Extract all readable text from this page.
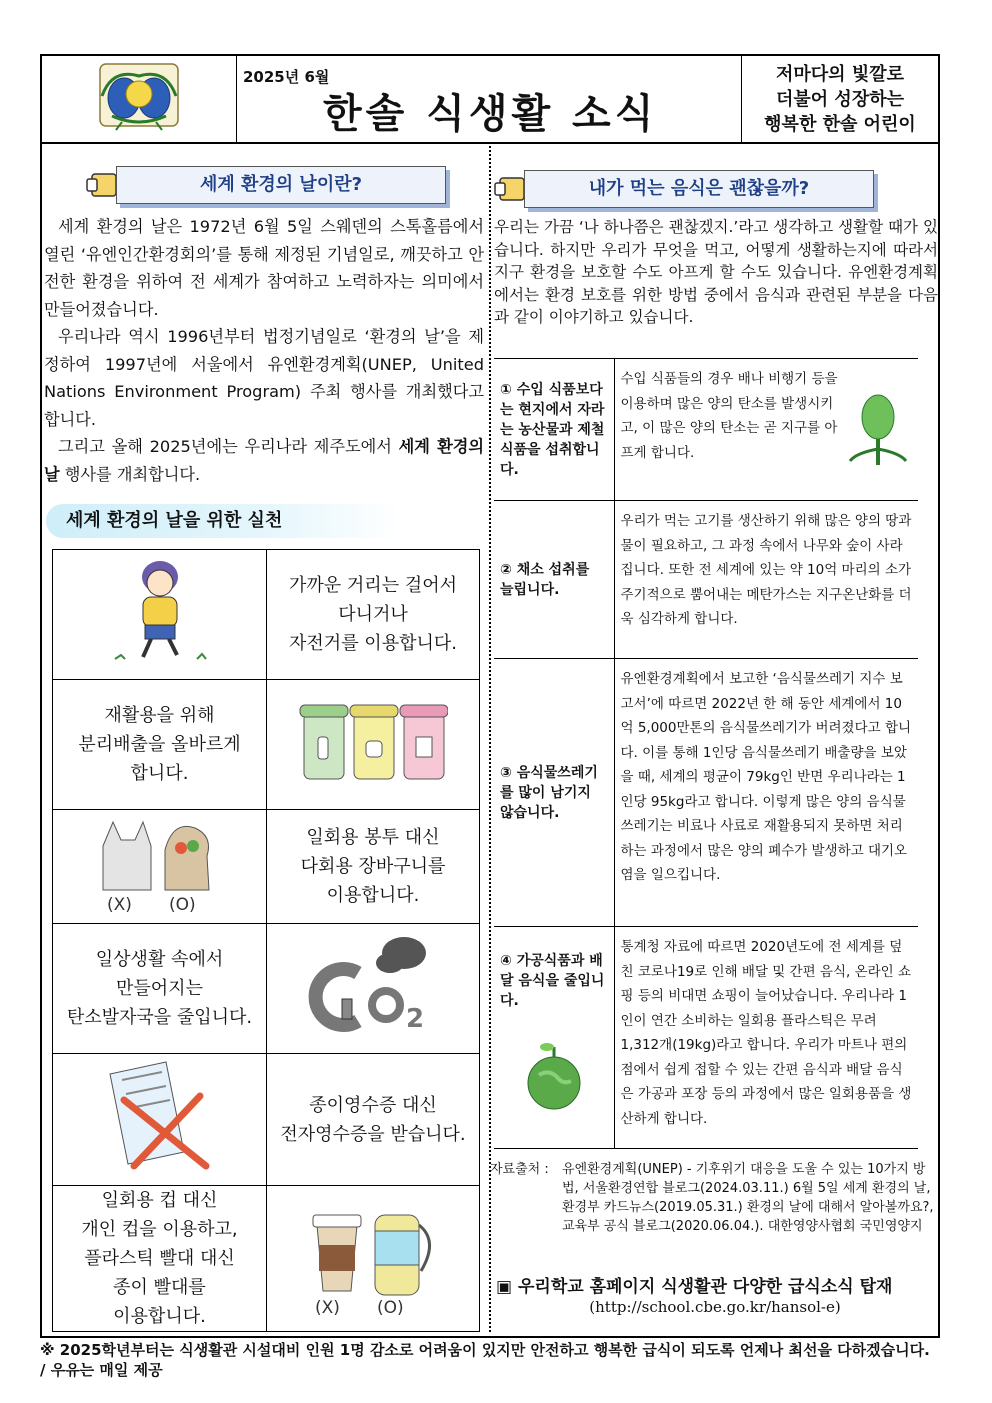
2025년 6월
한솔 식생활 소식
저마다의 빛깔로
더불어 성장하는
행복한 한솔 어린이
세계 환경의 날이란?

세계 환경의 날은 1972년 6월 5일 스웨덴의 스톡홀름에서 열린 ‘유엔인간환경회의’를 통해 제정된 기념일로, 깨끗하고 안전한 환경을 위하여 전 세계가 참여하고 노력하자는 의미에서 만들어졌습니다.

우리나라 역시 1996년부터 법정기념일로 ‘환경의 날’을 제정하여 1997년에 서울에서 유엔환경계획(UNEP, United Nations Environment Program) 주최 행사를 개최했다고 합니다.

그리고 올해 2025년에는 우리나라 제주도에서 세계 환경의 날 행사를 개최합니다.

세계 환경의 날을 위한 실천
	가까운 거리는 걸어서
다니거나
자전거를 이용합니다.
재활용을 위해
분리배출을 올바르게
합니다.	

(X) (O)	일회용 봉투 대신
다회용 장바구니를
이용합니다.
일상생활 속에서
만들어지는
탄소발자국을 줄입니다.	2

	종이영수증 대신
전자영수증을 받습니다.
일회용 컵 대신
개인 컵을 이용하고,
플라스틱 빨대 대신
종이 빨대를
이용합니다.	(X) (O)
내가 먹는 음식은 괜찮을까?
우리는 가끔 ‘나 하나쯤은 괜찮겠지.’라고 생각하고 생활할 때가 있습니다. 하지만 우리가 무엇을 먹고, 어떻게 생활하는지에 따라서 지구 환경을 보호할 수도 아프게 할 수도 있습니다. 유엔환경계획에서는 환경 보호를 위한 방법 중에서 음식과 관련된 부분을 다음과 같이 이야기하고 있습니다.
① 수입 식품보다는 현지에서 자라는 농산물과 제철식품을 섭취합니다.	수입 식품들의 경우 배나 비행기 등을 이용하며 많은 양의 탄소를 발생시키고, 이 많은 양의 탄소는 곧 지구를 아프게 합니다.
② 채소 섭취를 늘립니다.	우리가 먹는 고기를 생산하기 위해 많은 양의 땅과 물이 필요하고, 그 과정 속에서 나무와 숲이 사라집니다. 또한 전 세계에 있는 약 10억 마리의 소가 주기적으로 뿜어내는 메탄가스는 지구온난화를 더욱 심각하게 합니다.
③ 음식물쓰레기를 많이 남기지 않습니다.	유엔환경계획에서 보고한 ‘음식물쓰레기 지수 보고서’에 따르면 2022년 한 해 동안 세계에서 10억 5,000만톤의 음식물쓰레기가 버려졌다고 합니다. 이를 통해 1인당 음식물쓰레기 배출량을 보았을 때, 세계의 평균이 79kg인 반면 우리나라는 1인당 95kg라고 합니다. 이렇게 많은 양의 음식물쓰레기는 비료나 사료로 재활용되지 못하면 처리하는 과정에서 많은 양의 폐수가 발생하고 대기오염을 일으킵니다.
④ 가공식품과 배달 음식을 줄입니다.	통계청 자료에 따르면 2020년도에 전 세계를 덮친 코로나19로 인해 배달 및 간편 음식, 온라인 쇼핑 등의 비대면 쇼핑이 늘어났습니다. 우리나라 1인이 연간 소비하는 일회용 플라스틱은 무려 1,312개(19kg)라고 합니다. 우리가 마트나 편의점에서 쉽게 접할 수 있는 간편 음식과 배달 음식은 가공과 포장 등의 과정에서 많은 일회용품을 생산하게 합니다.
자료출처 : 유엔환경계획(UNEP) - 기후위기 대응을 도울 수 있는 10가지 방법, 서울환경연합 블로그(2024.03.11.) 6월 5일 세계 환경의 날, 환경부 카드뉴스(2019.05.31.) 환경의 날에 대해서 알아볼까요?, 교육부 공식 블로그(2020.06.04.). 대한영양사협회 국민영양지
▣ 우리학교 홈페이지 식생활관 다양한 급식소식 탑재
(http://school.cbe.go.kr/hansol-e)
※ 2025학년부터는 식생활관 시설대비 인원 1명 감소로 어려움이 있지만 안전하고 행복한 급식이 되도록 언제나 최선을 다하겠습니다. / 우유는 매일 제공
